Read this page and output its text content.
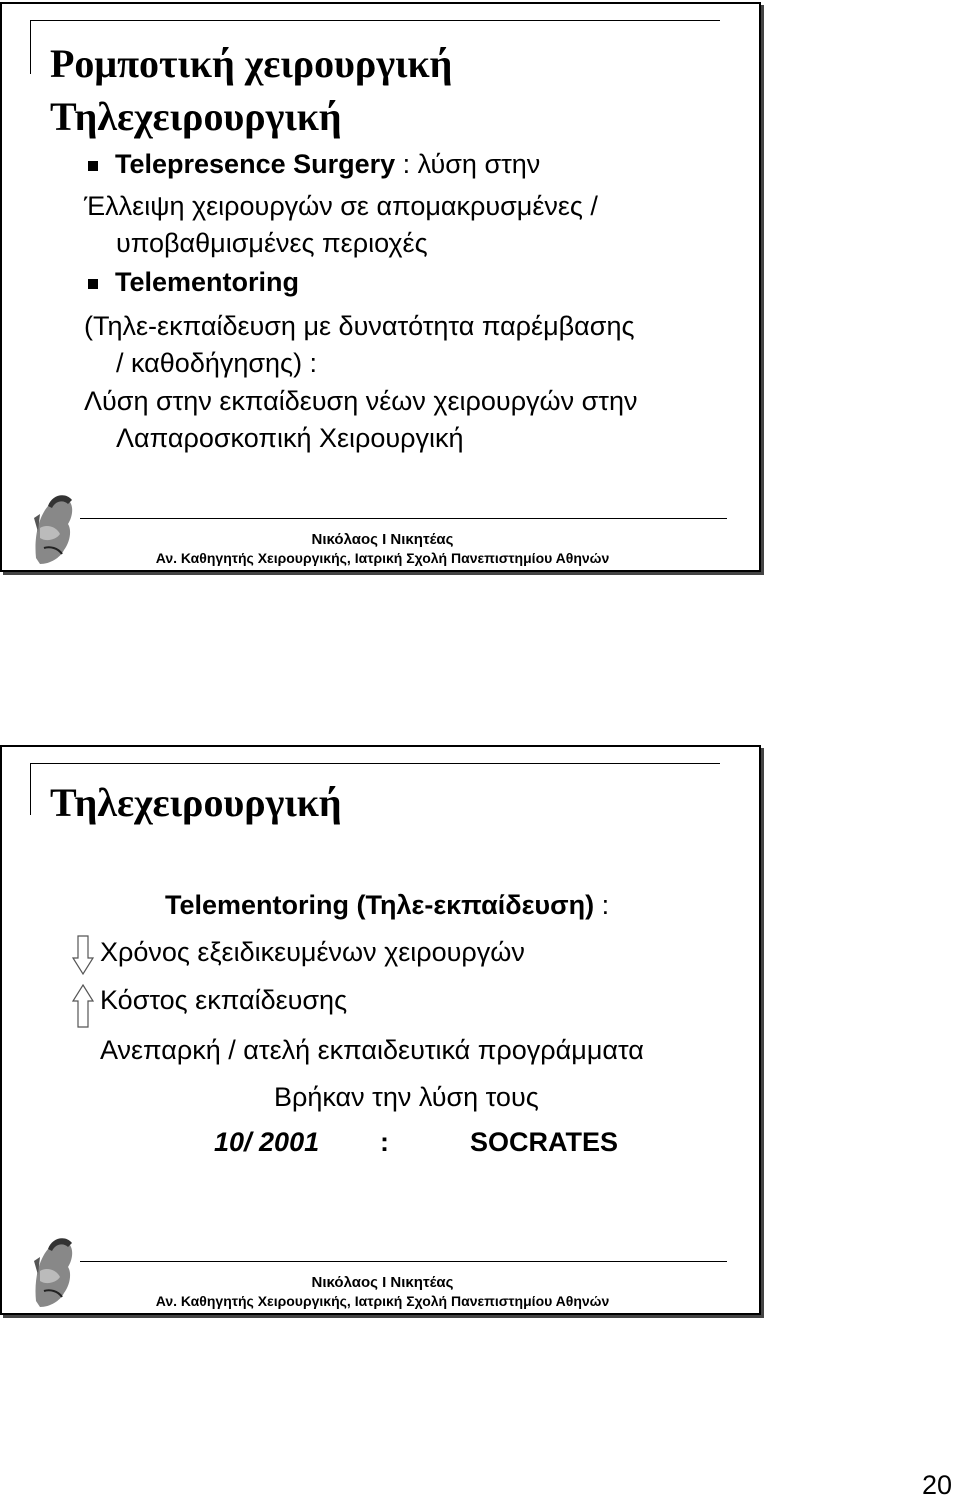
Ρομποτική χειρουργική
Τηλεχειρουργική
Telepresence Surgery : λύση στην
Έλλειψη χειρουργών σε απομακρυσμένες /
υποβαθμισμένες περιοχές
Telementoring
(Τηλε-εκπαίδευση με δυνατότητα παρέμβασης
/ καθοδήγησης) :
Λύση στην εκπαίδευση νέων χειρουργών στην
Λαπαροσκοπική Χειρουργική
Νικόλαος Ι Νικητέας
Αν. Καθηγητής Χειρουργικής, Ιατρική Σχολή Πανεπιστημίου Αθηνών
Τηλεχειρουργική
Telementoring (Τηλε-εκπαίδευση) :
Χρόνος εξειδικευμένων χειρουργών
Κόστος εκπαίδευσης
Ανεπαρκή / ατελή εκπαιδευτικά προγράμματα
Βρήκαν την λύση τους
10/ 2001 :	SOCRATES
Νικόλαος Ι Νικητέας
Αν. Καθηγητής Χειρουργικής, Ιατρική Σχολή Πανεπιστημίου Αθηνών
20
